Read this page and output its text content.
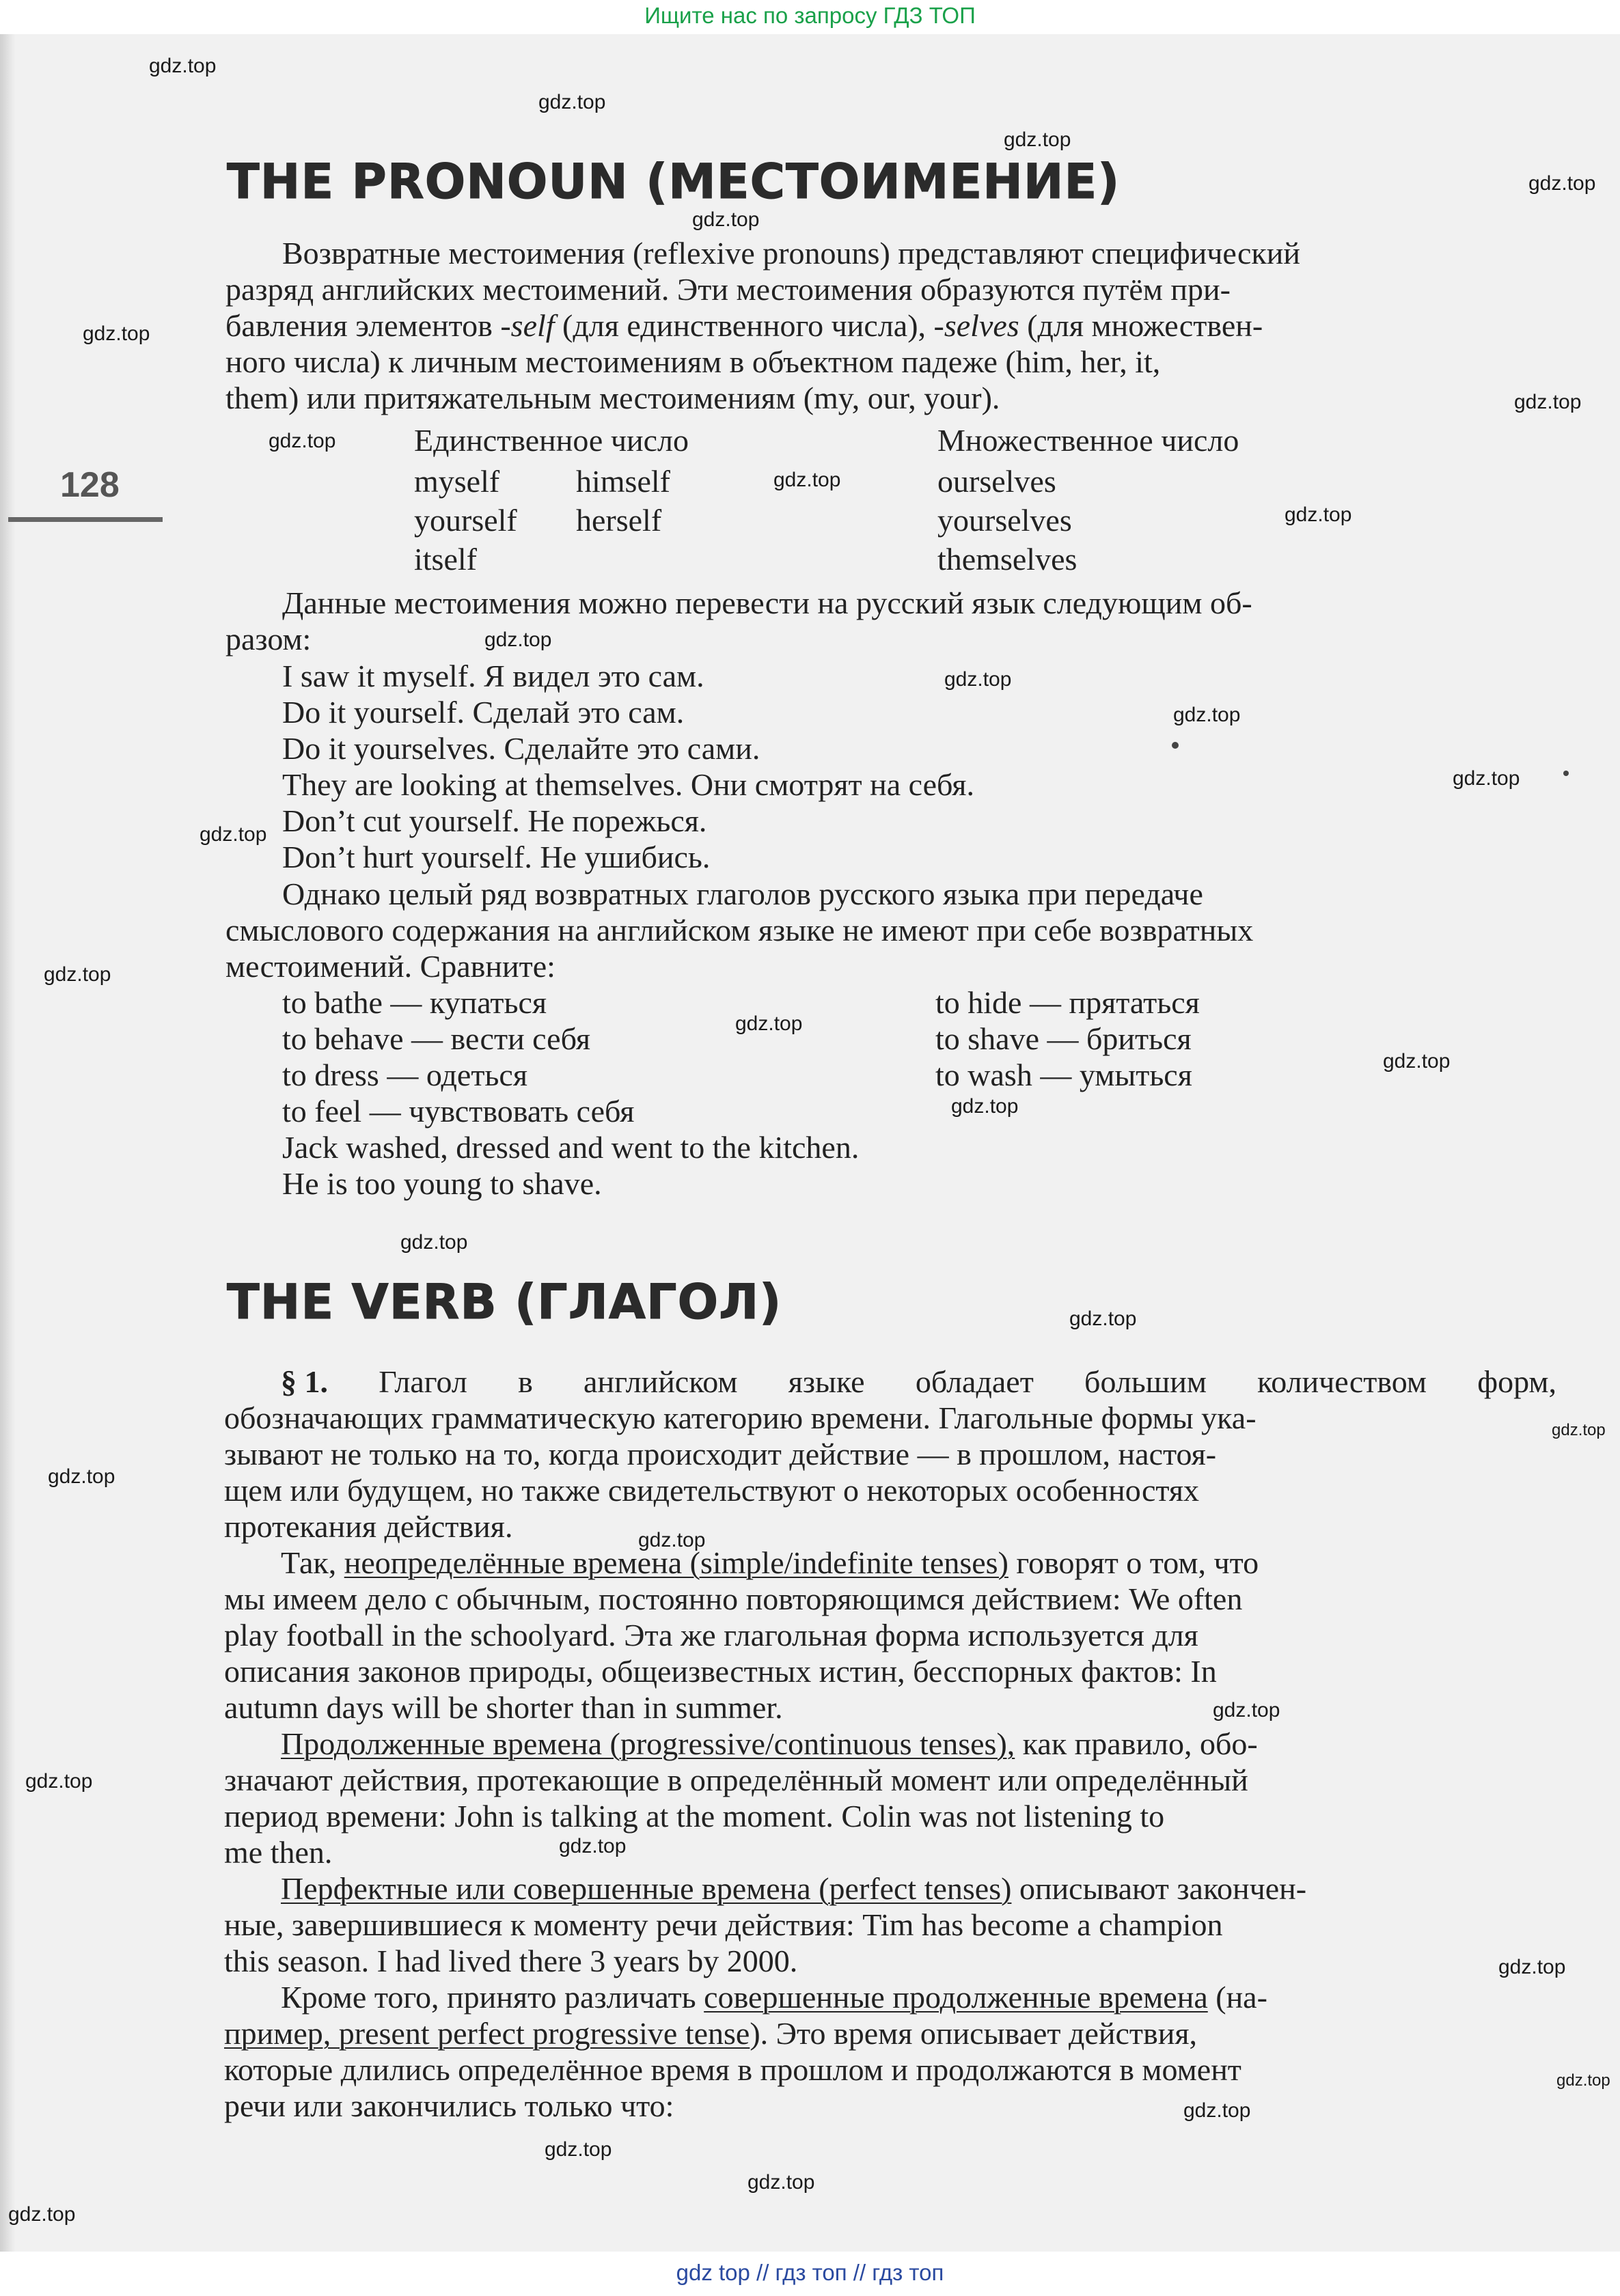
Ищите нас по запросу ГДЗ ТОП
128
THE PRONOUN (МЕСТОИМЕНИЕ)
Возвратные местоимения (reflexive pronouns) представляют специфический
разряд английских местоимений. Эти местоимения образуются путём при-
бавления элементов -self (для единственного числа), -selves (для множествен-
ного числа) к личным местоимениям в объектном падеже (him, her, it,
them) или притяжательным местоимениям (my, our, your).
Единственное число	Множественное число
myself
yourself
itself
himself
herself
ourselves
yourselves
themselves
Данные местоимения можно перевести на русский язык следующим об-
разом:
I saw it myself. Я видел это сам.
Do it yourself. Сделай это сам.
Do it yourselves. Сделайте это сами.
They are looking at themselves. Они смотрят на себя.
Don’t cut yourself. Не порежься.
Don’t hurt yourself. Не ушибись.
Однако целый ряд возвратных глаголов русского языка при передаче
смыслового содержания на английском языке не имеют при себе возвратных
местоимений. Сравните:
to bathe — купаться
to behave — вести себя
to dress — одеться
to feel — чувствовать себя
to hide — прятаться
to shave — бриться
to wash — умыться
Jack washed, dressed and went to the kitchen.
He is too young to shave.
THE VERB (ГЛАГОЛ)
§ 1. Глагол в английском языке обладает большим количеством форм,
обозначающих грамматическую категорию времени. Глагольные формы ука-
зывают не только на то, когда происходит действие — в прошлом, настоя-
щем или будущем, но также свидетельствуют о некоторых особенностях
протекания действия.
Так, неопределённые времена (simple/indefinite tenses) говорят о том, что
мы имеем дело с обычным, постоянно повторяющимся действием: We often
play football in the schoolyard. Эта же глагольная форма используется для
описания законов природы, общеизвестных истин, бесспорных фактов: In
autumn days will be shorter than in summer.
Продолженные времена (progressive/continuous tenses), как правило, обо-
значают действия, протекающие в определённый момент или определённый
период времени: John is talking at the moment. Colin was not listening to
me then.
Перфектные или совершенные времена (perfect tenses) описывают закончен-
ные, завершившиеся к моменту речи действия: Tim has become a champion
this season. I had lived there 3 years by 2000.
Кроме того, принято различать совершенные продолженные времена (на-
пример, present perfect progressive tense ). Это время описывает действия,
которые длились определённое время в прошлом и продолжаются в момент
речи или закончились только что:
gdz.top
gdz.top
gdz.top
gdz.top
gdz.top
gdz.top
gdz.top
gdz.top
gdz.top
gdz.top
gdz.top
gdz.top
gdz.top
gdz.top
gdz.top
gdz.top
gdz.top
gdz.top
gdz.top
gdz.top
gdz.top
gdz.top
gdz.top
gdz.top
gdz.top
gdz.top
gdz.top
gdz.top
gdz.top
gdz.top
gdz.top
gdz.top
gdz.top
gdz top // гдз топ // гдз топ
